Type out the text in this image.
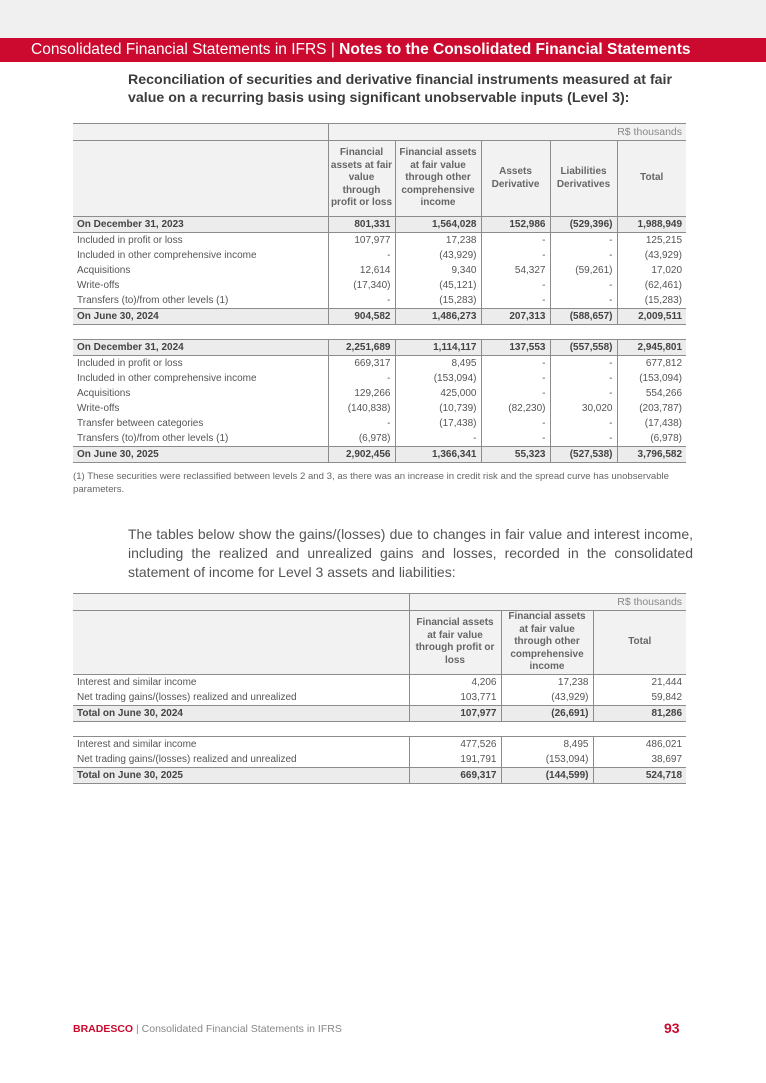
Consolidated Financial Statements in IFRS | Notes to the Consolidated Financial Statements
Reconciliation of securities and derivative financial instruments measured at fair value on a recurring basis using significant unobservable inputs (Level 3):
	R$ thousands				
	Financial assets at fair value through profit or loss	Financial assets at fair value through other comprehensive income	Assets Derivative	Liabilities Derivatives	Total
On December 31, 2023	801,331	1,564,028	152,986	(529,396)	1,988,949
Included in profit or loss	107,977	17,238	-	-	125,215
Included in other comprehensive income	-	(43,929)	-	-	(43,929)
Acquisitions	12,614	9,340	54,327	(59,261)	17,020
Write-offs	(17,340)	(45,121)	-	-	(62,461)
Transfers (to)/from other levels (1)	-	(15,283)	-	-	(15,283)
On June 30, 2024	904,582	1,486,273	207,313	(588,657)	2,009,511

On December 31, 2024	2,251,689	1,114,117	137,553	(557,558)	2,945,801
Included in profit or loss	669,317	8,495	-	-	677,812
Included in other comprehensive income	-	(153,094)	-	-	(153,094)
Acquisitions	129,266	425,000	-	-	554,266
Write-offs	(140,838)	(10,739)	(82,230)	30,020	(203,787)
Transfer between categories	-	(17,438)	-	-	(17,438)
Transfers (to)/from other levels (1)	(6,978)	-	-	-	(6,978)
On June 30, 2025	2,902,456	1,366,341	55,323	(527,538)	3,796,582
(1) These securities were reclassified between levels 2 and 3, as there was an increase in credit risk and the spread curve has unobservable parameters.
The tables below show the gains/(losses) due to changes in fair value and interest income, including the realized and unrealized gains and losses, recorded in the consolidated statement of income for Level 3 assets and liabilities:
	R$ thousands		
	Financial assets at fair value through profit or loss	Financial assets at fair value through other comprehensive income	Total
Interest and similar income	4,206	17,238	21,444
Net trading gains/(losses) realized and unrealized	103,771	(43,929)	59,842
Total on June 30, 2024	107,977	(26,691)	81,286

Interest and similar income	477,526	8,495	486,021
Net trading gains/(losses) realized and unrealized	191,791	(153,094)	38,697
Total on June 30, 2025	669,317	(144,599)	524,718
BRADESCO | Consolidated Financial Statements in IFRS	93
